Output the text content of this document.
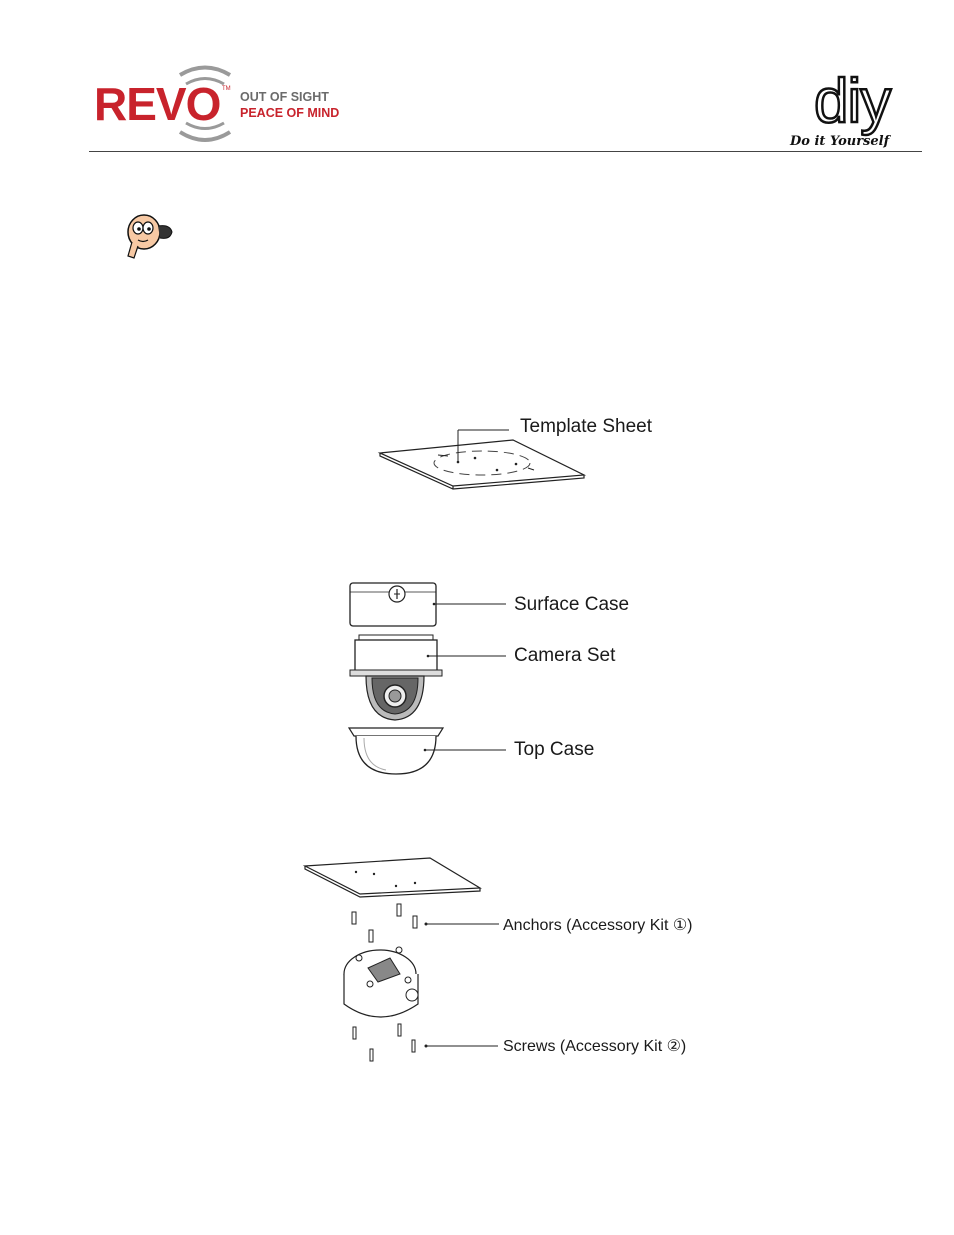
REVO TM
OUT OF SIGHT
PEACE OF MIND	diy
Do it Yourself
Template Sheet
Surface Case
Camera Set
Top Case
Anchors (Accessory Kit ①)
Screws (Accessory Kit ②)
